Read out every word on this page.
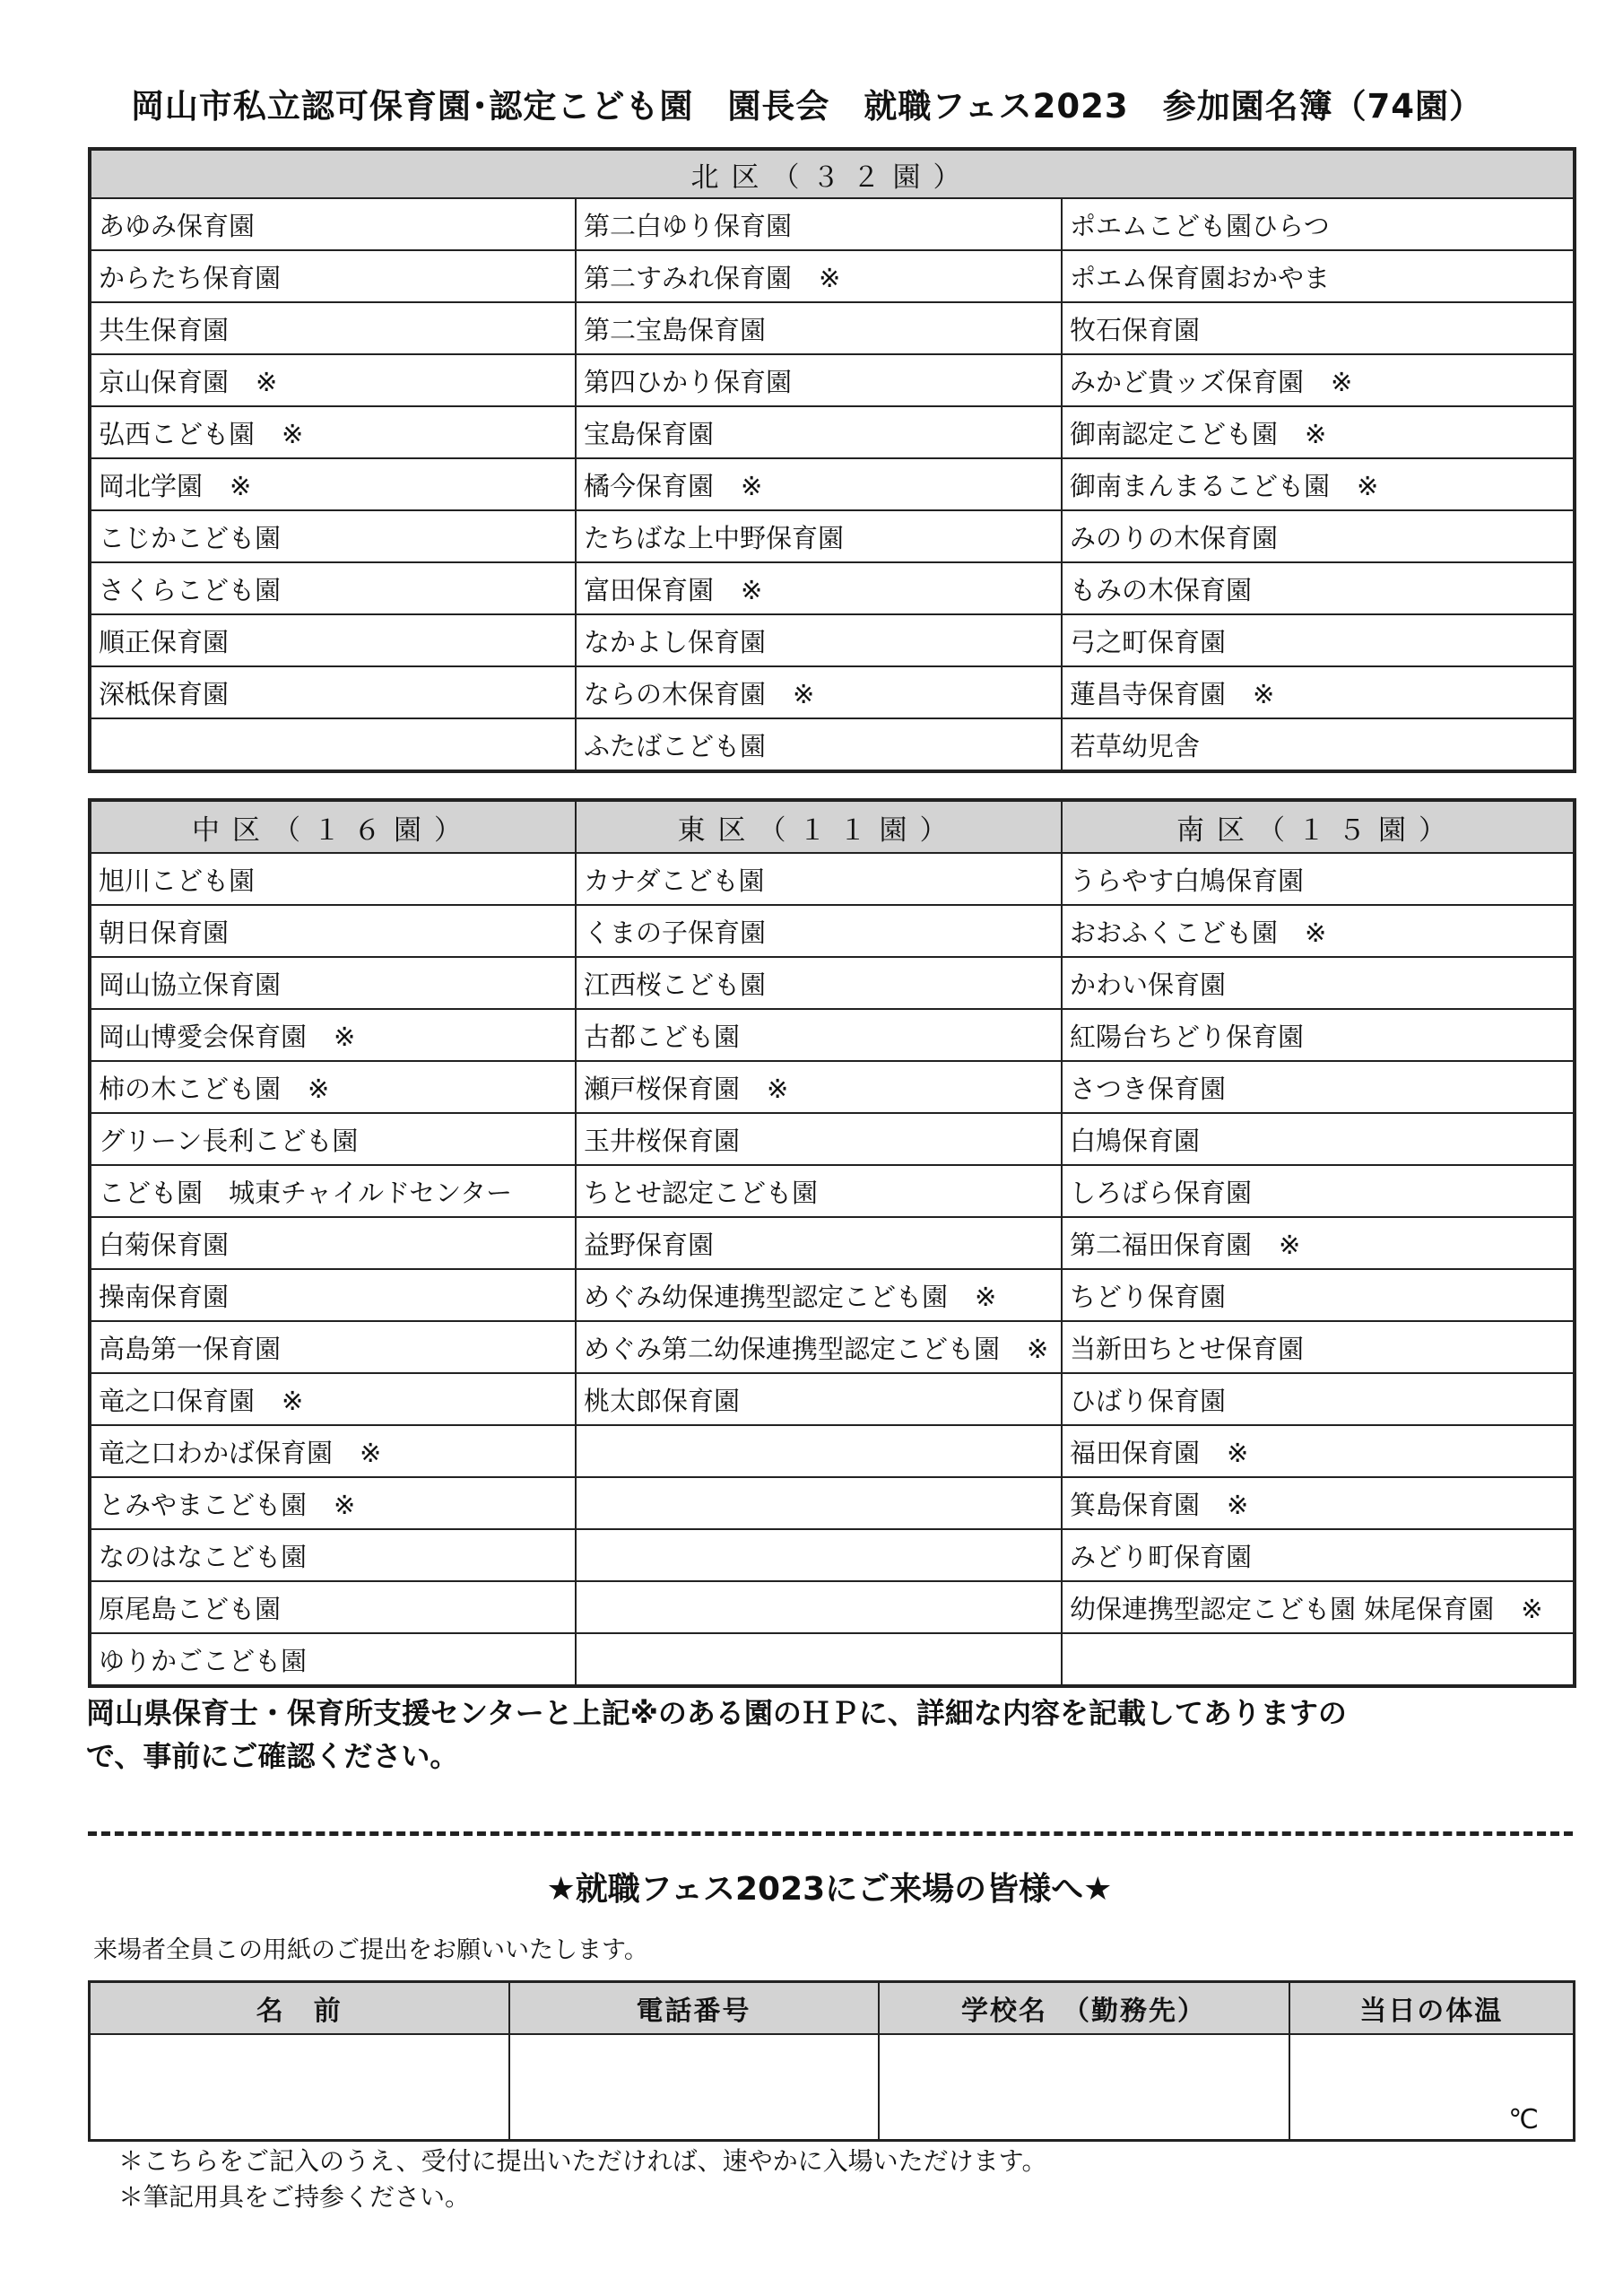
岡山市私立認可保育園･認定こども園　園長会　就職フェス2023　参加園名簿（74園）
北区（３２園）		
あゆみ保育園	第二白ゆり保育園	ポエムこども園ひらつ
からたち保育園	第二すみれ保育園 ※	ポエム保育園おかやま
共生保育園	第二宝島保育園	牧石保育園
京山保育園 ※	第四ひかり保育園	みかど貴ッズ保育園 ※
弘西こども園 ※	宝島保育園	御南認定こども園 ※
岡北学園 ※	橘今保育園 ※	御南まんまるこども園 ※
こじかこども園	たちばな上中野保育園	みのりの木保育園
さくらこども園	富田保育園 ※	もみの木保育園
順正保育園	なかよし保育園	弓之町保育園
深柢保育園	ならの木保育園 ※	蓮昌寺保育園 ※
	ふたばこども園	若草幼児舎
中区（１６園）	東区（１１園）	南区（１５園）
旭川こども園	カナダこども園	うらやす白鳩保育園
朝日保育園	くまの子保育園	おおふくこども園 ※
岡山協立保育園	江西桜こども園	かわい保育園
岡山博愛会保育園 ※	古都こども園	紅陽台ちどり保育園
柿の木こども園 ※	瀬戸桜保育園 ※	さつき保育園
グリーン長利こども園	玉井桜保育園	白鳩保育園
こども園　城東チャイルドセンター	ちとせ認定こども園	しろばら保育園
白菊保育園	益野保育園	第二福田保育園 ※
操南保育園	めぐみ幼保連携型認定こども園 ※	ちどり保育園
高島第一保育園	めぐみ第二幼保連携型認定こども園 ※	当新田ちとせ保育園
竜之口保育園 ※	桃太郎保育園	ひばり保育園
竜之口わかば保育園 ※		福田保育園 ※
とみやまこども園 ※		箕島保育園 ※
なのはなこども園		みどり町保育園
原尾島こども園		幼保連携型認定こども園 妹尾保育園 ※
ゆりかごこども園		
岡山県保育士・保育所支援センターと上記※のある園のＨＰに、詳細な内容を記載してありますの
で、事前にご確認ください。
★就職フェス2023にご来場の皆様へ★
来場者全員この用紙のご提出をお願いいたします。
名　前	電話番号	学校名　（勤務先）	当日の体温

			℃
＊こちらをご記入のうえ、受付に提出いただければ、速やかに入場いただけます。
＊筆記用具をご持参ください。
